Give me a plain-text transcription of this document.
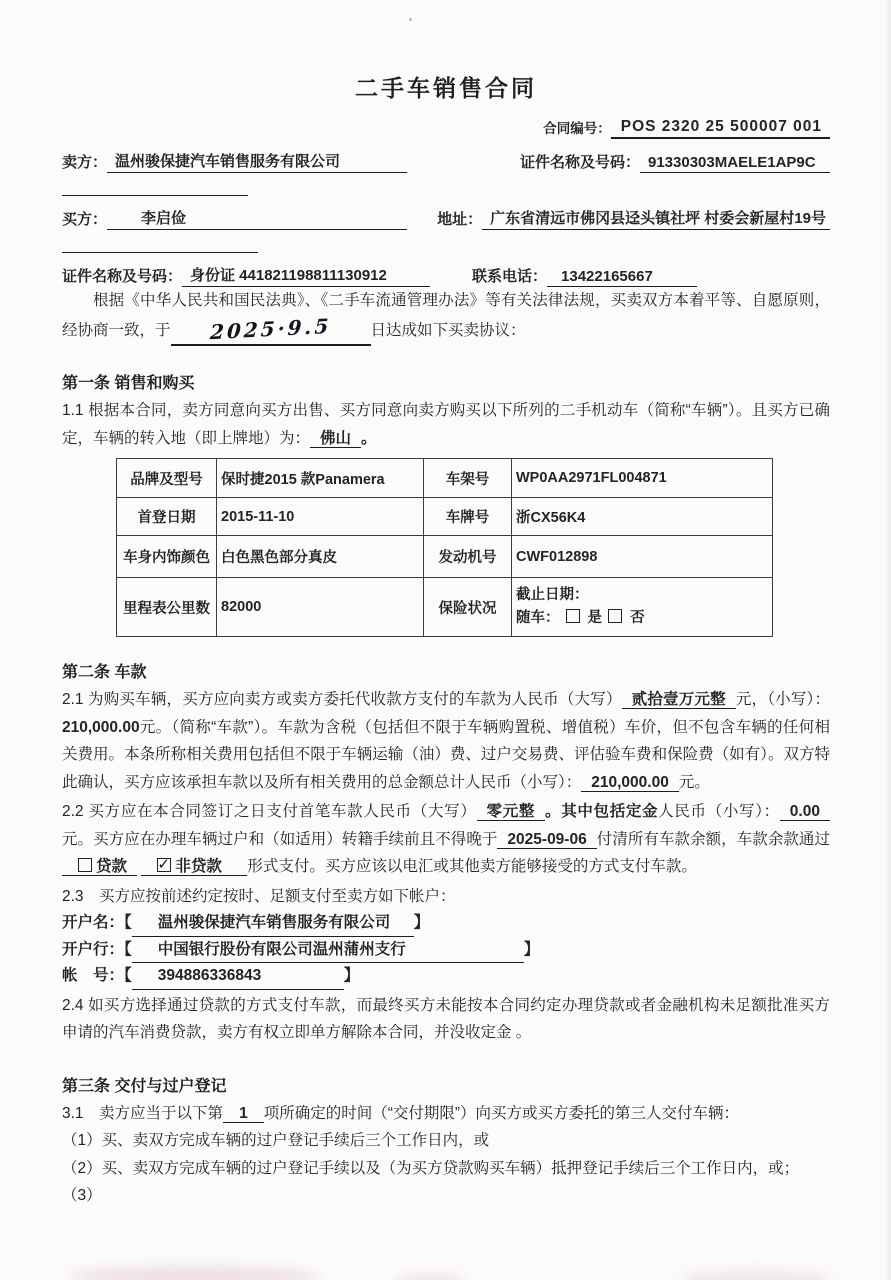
二手车销售合同
合同编号： POS 2320 25 500007 001
卖方： 温州骏保捷汽车销售服务有限公司	证件名称及号码： 91330303MAELE1AP9C
买方：	李启俭	地址： 广东省清远市佛冈县迳头镇社坪 村委会新屋村19号
证件名称及号码： 身份证 441821198811130912	联系电话： 13422165667

根据《中华人民共和国民法典》、《二手车流通管理办法》等有关法律法规，买卖双方本着平等、自愿原则，经协商一致，于 2025·9.5 日达成如下买卖协议：

第一条 销售和购买

1.1 根据本合同，卖方同意向买方出售、买方同意向卖方购买以下所列的二手机动车（简称“车辆”）。且买方已确定，车辆的转入地（即上牌地）为： 佛山 。

品牌及型号	保时捷2015 款Panamera	车架号	WP0AA2971FL004871
首登日期	2015-11-10	车牌号	浙CX56K4
车身内饰颜色	白色黑色部分真皮	发动机号	CWF012898
里程表公里数	82000	保险状况	截止日期：
随车： 是 否
第二条 车款

2.1 为购买车辆，买方应向卖方或卖方委托代收款方支付的车款为人民币（大写） 贰拾壹万元整 元，（小写）：210,000.00元。（简称“车款”）。车款为含税（包括但不限于车辆购置税、增值税）车价，但不包含车辆的任何相关费用。本条所称相关费用包括但不限于车辆运输（油）费、过户交易费、评估验车费和保险费（如有）。双方特此确认，买方应该承担车款以及所有相关费用的总金额总计人民币（小写）： 210,000.00 元。

2.2 买方应在本合同签订之日支付首笔车款人民币（大写） 零元整 。其中包括定金人民币（小写）： 0.00元。买方应在办理车辆过户和（如适用）转籍手续前且不得晚于 2025-09-06 付清所有车款余额，车款余款通过贷款 ✓ 非贷款　 形式支付。买方应该以电汇或其他卖方能够接受的方式支付车款。

2.3　买方应按前述约定按时、足额支付至卖方如下帐户：

开户名：【 温州骏保捷汽车销售服务有限公司 】

开户行：【 中国银行股份有限公司温州蒲州支行	】

帐　号：【 394886336843	】

2.4 如买方选择通过贷款的方式支付车款，而最终买方未能按本合同约定办理贷款或者金融机构未足额批准买方申请的汽车消费贷款，卖方有权立即单方解除本合同，并没收定金 。

第三条 交付与过户登记

3.1　卖方应当于以下第 1 项所确定的时间（“交付期限”）向买方或买方委托的第三人交付车辆：

（1）买、卖双方完成车辆的过户登记手续后三个工作日内，或

（2）买、卖双方完成车辆的过户登记手续以及（为买方贷款购买车辆）抵押登记手续后三个工作日内，或；

（3）
